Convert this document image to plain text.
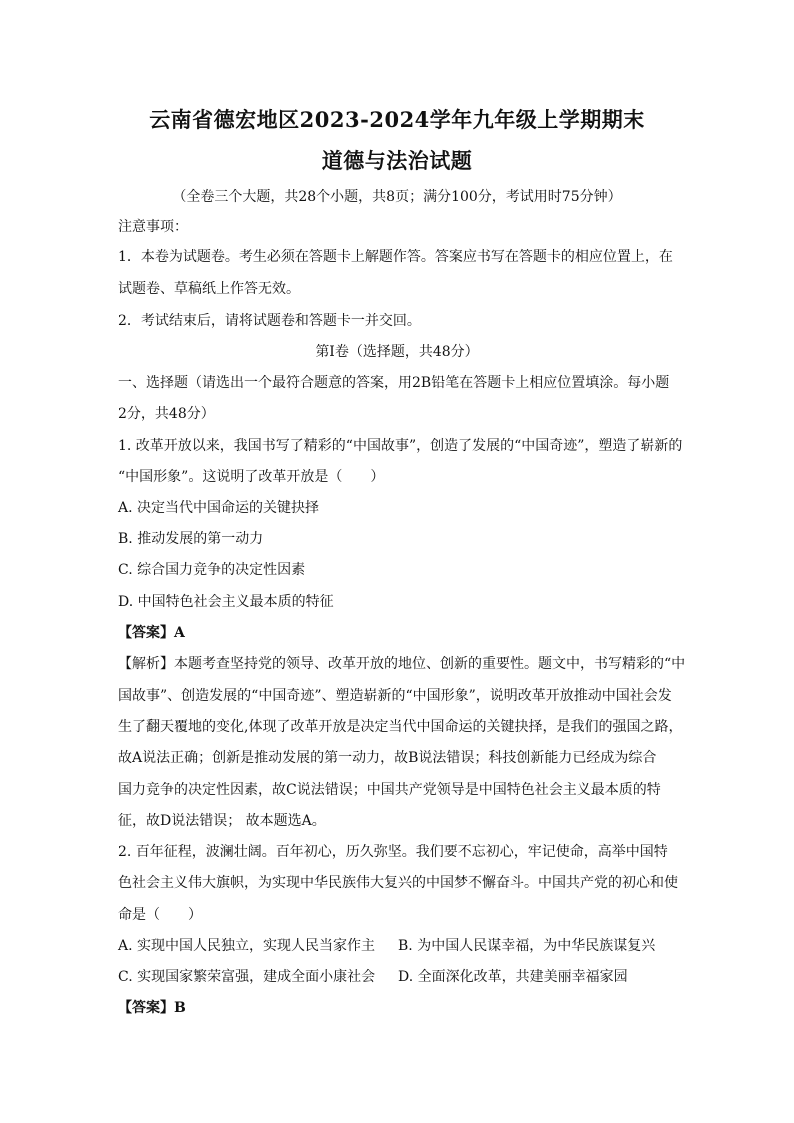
云南省德宏地区2023-2024学年九年级上学期期末
道德与法治试题
（全卷三个大题，共28个小题，共8页；满分100分，考试用时75分钟）
注意事项：
1．本卷为试题卷。考生必须在答题卡上解题作答。答案应书写在答题卡的相应位置上，在
试题卷、草稿纸上作答无效。
2．考试结束后，请将试题卷和答题卡一并交回。
第Ⅰ卷（选择题，共48分）
一、选择题（请选出一个最符合题意的答案，用2B铅笔在答题卡上相应位置填涂。每小题
2分，共48分）
1. 改革开放以来，我国书写了精彩的“中国故事”，创造了发展的“中国奇迹”，塑造了崭新的
“中国形象”。这说明了改革开放是（　　）
A. 决定当代中国命运的关键抉择
B. 推动发展的第一动力
C. 综合国力竞争的决定性因素
D. 中国特色社会主义最本质的特征
【答案】A
【解析】本题考查坚持党的领导、改革开放的地位、创新的重要性。题文中，书写精彩的“中
国故事”、创造发展的“中国奇迹”、塑造崭新的“中国形象”，说明改革开放推动中国社会发
生了翻天覆地的变化,体现了改革开放是决定当代中国命运的关键抉择，是我们的强国之路，
故A说法正确；创新是推动发展的第一动力，故B说法错误；科技创新能力已经成为综合
国力竞争的决定性因素，故C说法错误；中国共产党领导是中国特色社会主义最本质的特
征，故D说法错误； 故本题选A。
2. 百年征程，波澜壮阔。百年初心，历久弥坚。我们要不忘初心，牢记使命，高举中国特
色社会主义伟大旗帜，为实现中华民族伟大复兴的中国梦不懈奋斗。中国共产党的初心和使
命是（　　）
A. 实现中国人民独立，实现人民当家作主 B. 为中国人民谋幸福，为中华民族谋复兴
C. 实现国家繁荣富强，建成全面小康社会 D. 全面深化改革，共建美丽幸福家园
【答案】B
